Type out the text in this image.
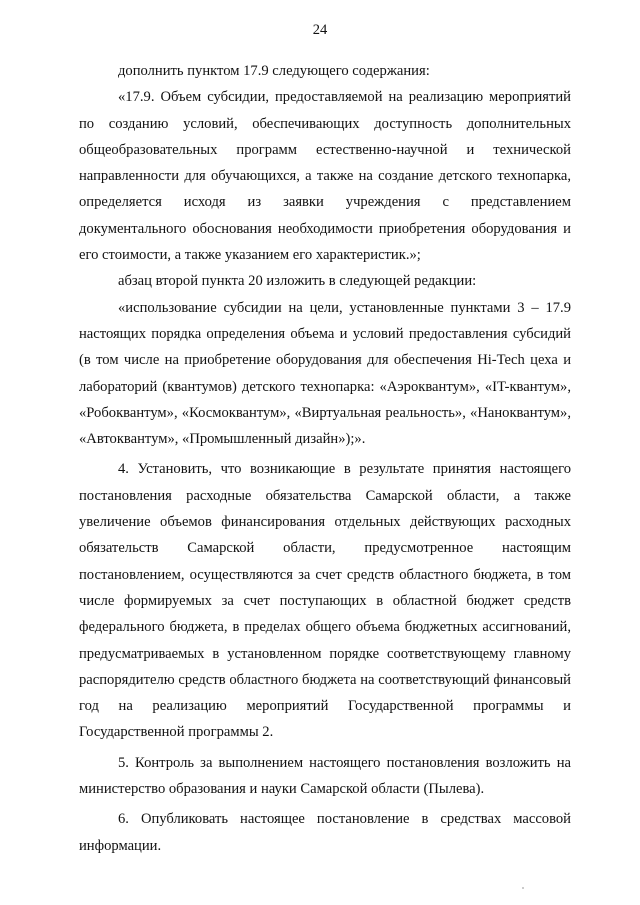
24

дополнить пунктом 17.9 следующего содержания:

«17.9. Объем субсидии, предоставляемой на реализацию мероприятий по созданию условий, обеспечивающих доступность дополнительных общеобразовательных программ естественно-научной и технической направленности для обучающихся, а также на создание детского технопарка, определяется исходя из заявки учреждения с представлением документального обоснования необходимости приобретения оборудования и его стоимости, а также указанием его характеристик.»;

абзац второй пункта 20 изложить в следующей редакции:

«использование субсидии на цели, установленные пунктами 3 – 17.9 настоящих порядка определения объема и условий предоставления субсидий (в том числе на приобретение оборудования для обеспечения Hi-Tech цеха и лабораторий (квантумов) детского технопарка: «Аэроквантум», «IT-квантум», «Робоквантум», «Космоквантум», «Виртуальная реальность», «Наноквантум», «Автоквантум», «Промышленный дизайн»);».

4. Установить, что возникающие в результате принятия настоящего постановления расходные обязательства Самарской области, а также увеличение объемов финансирования отдельных действующих расходных обязательств Самарской области, предусмотренное настоящим постановлением, осуществляются за счет средств областного бюджета, в том числе формируемых за счет поступающих в областной бюджет средств федерального бюджета, в пределах общего объема бюджетных ассигнований, предусматриваемых в установленном порядке соответствующему главному распорядителю средств областного бюджета на соответствующий финансовый год на реализацию мероприятий Государственной программы и Государственной программы 2.

5. Контроль за выполнением настоящего постановления возложить на министерство образования и науки Самарской области (Пылева).

6. Опубликовать настоящее постановление в средствах массовой информации.
